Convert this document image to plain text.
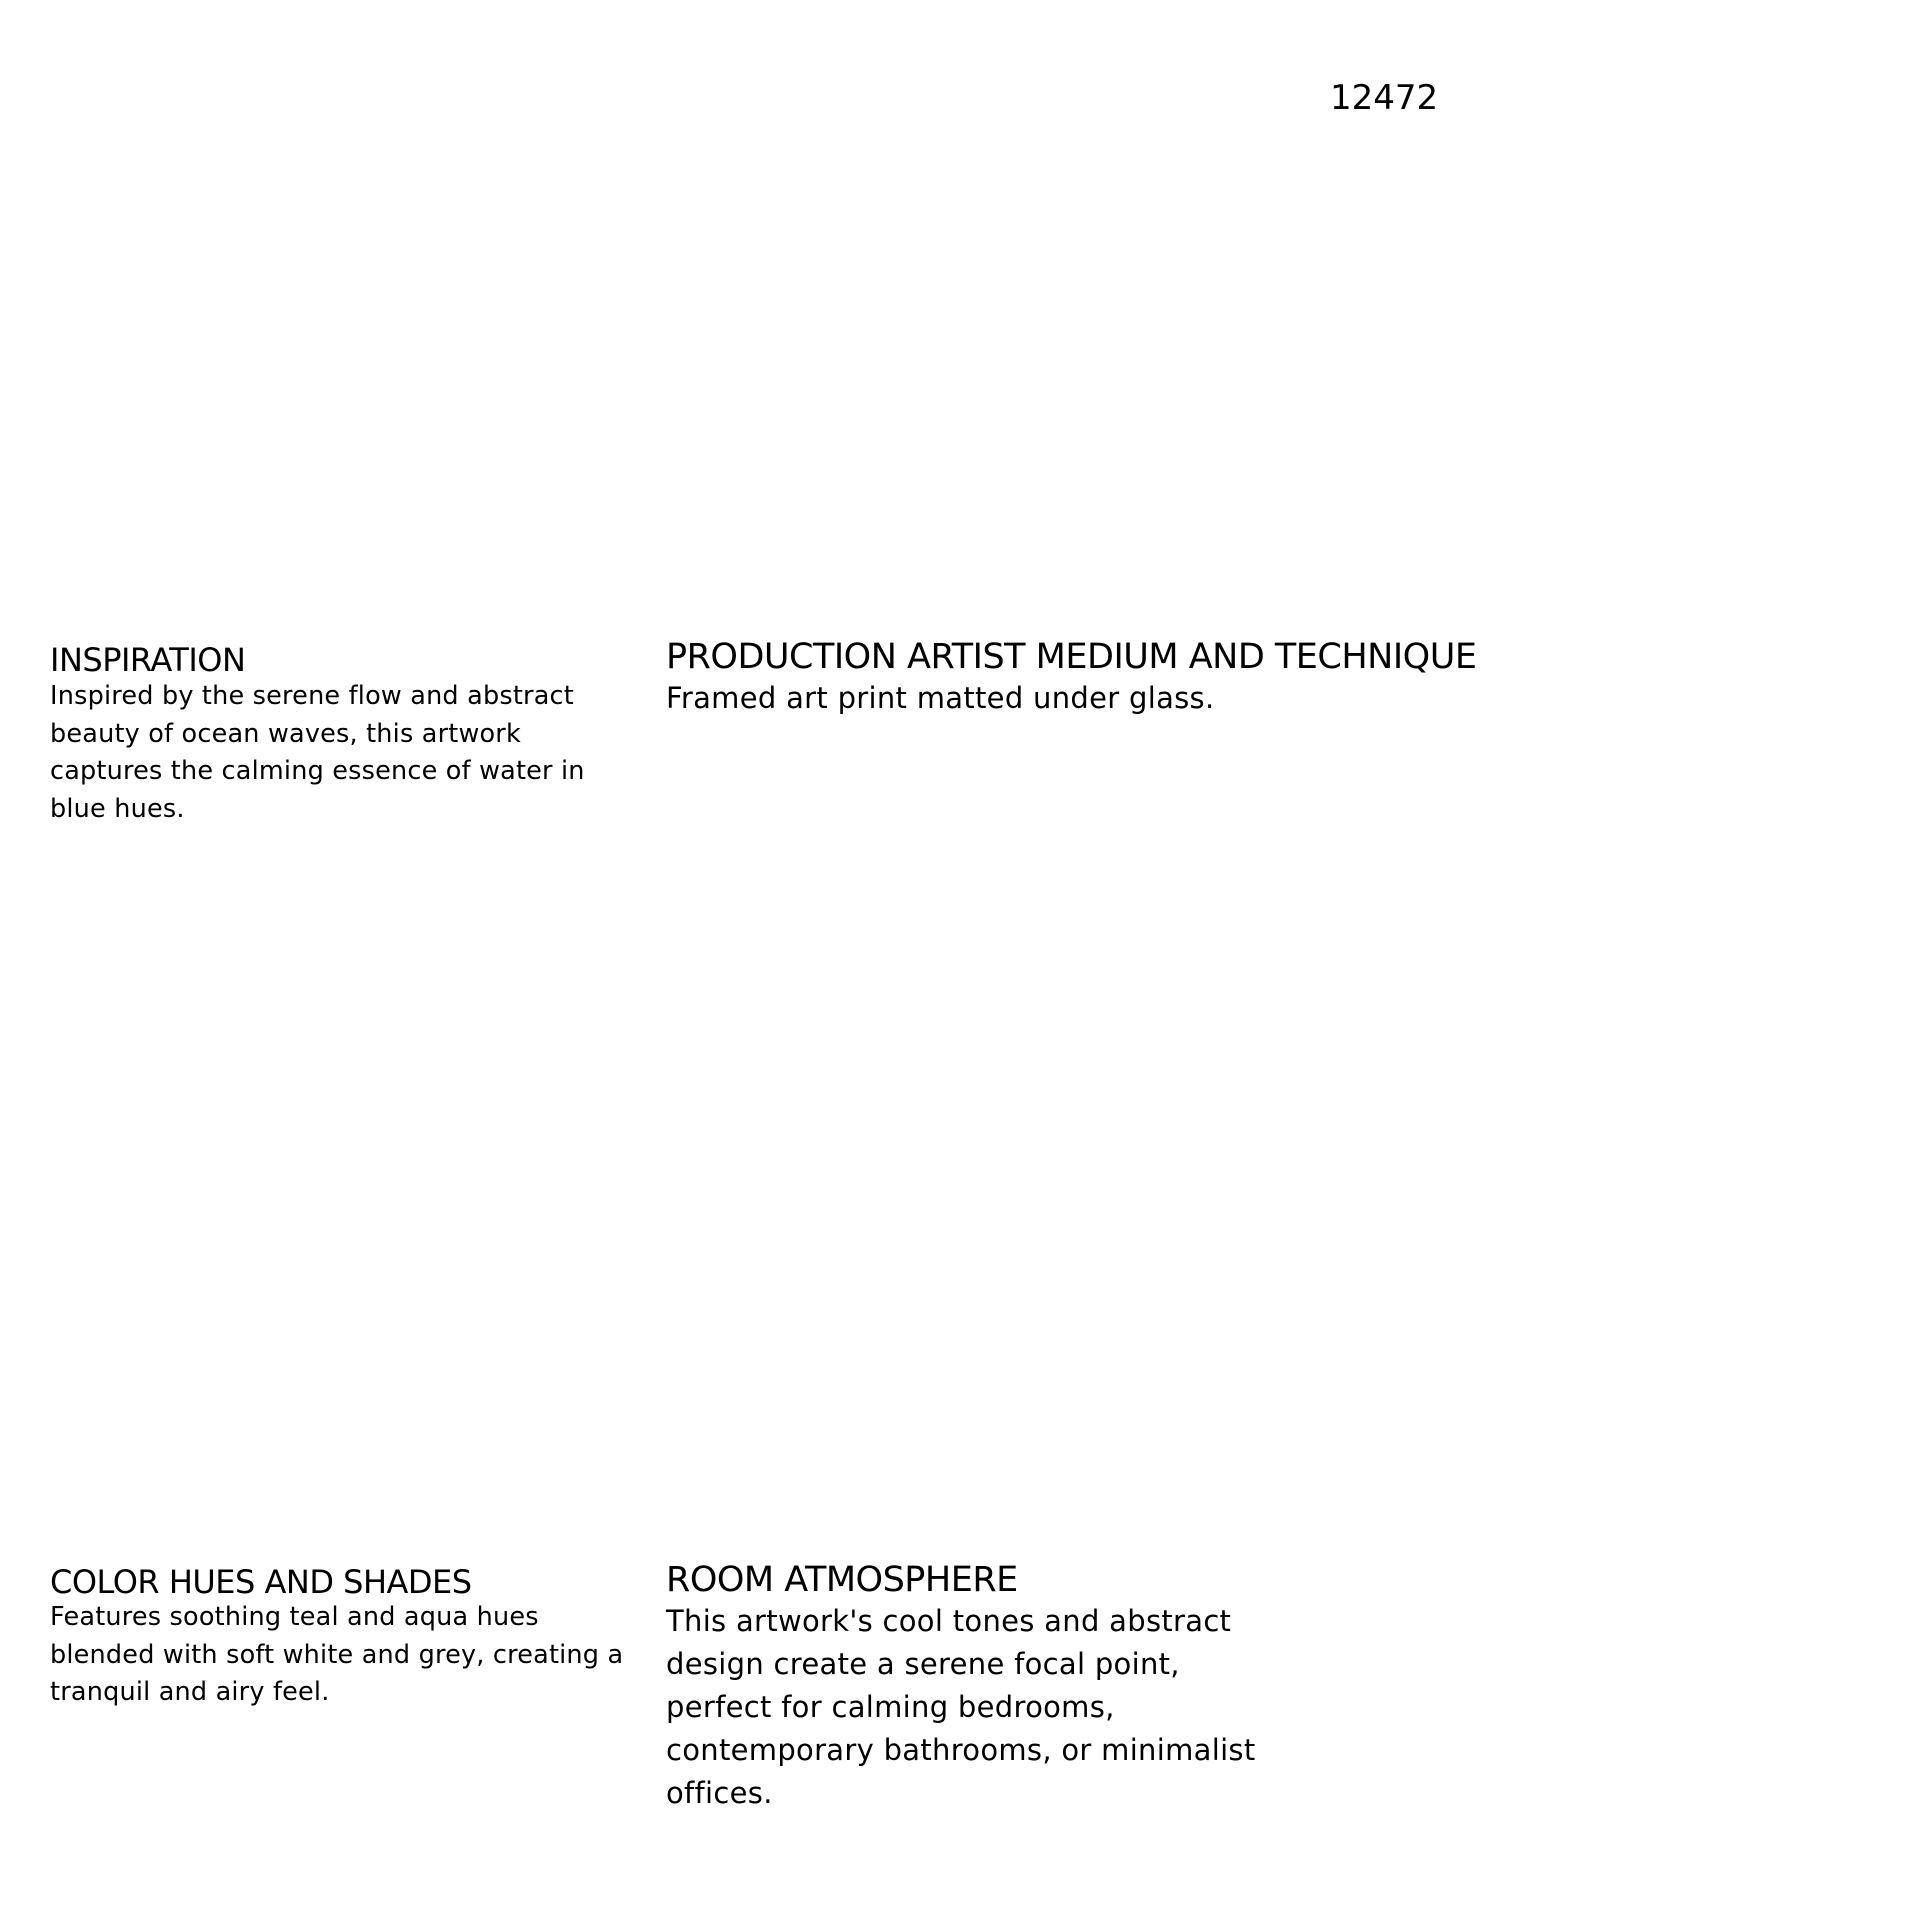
12472
INSPIRATION
Inspired by the serene flow and abstract beauty of ocean waves, this artwork captures the calming essence of water in blue hues.
PRODUCTION ARTIST MEDIUM AND TECHNIQUE
Framed art print matted under glass.
COLOR HUES AND SHADES
Features soothing teal and aqua hues blended with soft white and grey, creating a tranquil and airy feel.
ROOM ATMOSPHERE
This artwork's cool tones and abstract design create a serene focal point, perfect for calming bedrooms, contemporary bathrooms, or minimalist offices.
